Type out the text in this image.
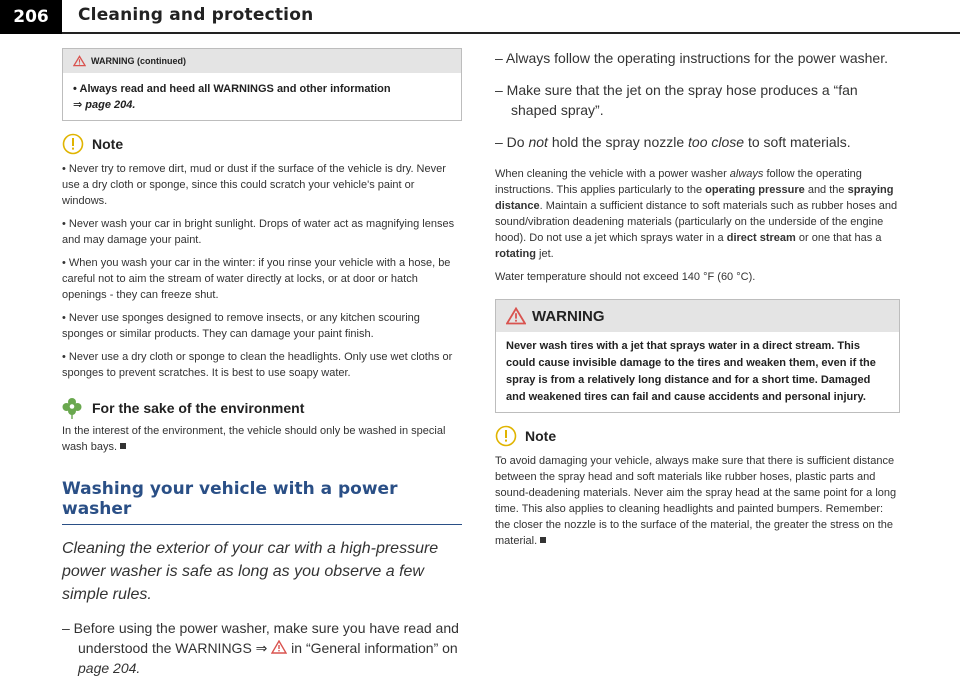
206	Cleaning and protection
WARNING (continued)
• Always read and heed all WARNINGS and other information
⇒ page 204.
Note

• Never try to remove dirt, mud or dust if the surface of the vehicle is dry. Never use a dry cloth or sponge, since this could scratch your vehicle's paint or windows.

• Never wash your car in bright sunlight. Drops of water act as magnifying lenses and may damage your paint.

• When you wash your car in the winter: if you rinse your vehicle with a hose, be careful not to aim the stream of water directly at locks, or at door or hatch openings - they can freeze shut.

• Never use sponges designed to remove insects, or any kitchen scouring sponges or similar products. They can damage your paint finish.

• Never use a dry cloth or sponge to clean the headlights. Only use wet cloths or sponges to prevent scratches. It is best to use soapy water.

For the sake of the environment

In the interest of the environment, the vehicle should only be washed in special wash bays.

Washing your vehicle with a power washer

Cleaning the exterior of your car with a high-pressure power washer is safe as long as you observe a few simple rules.

– Before using the power washer, make sure you have read and understood the WARNINGS ⇒  in “General information” on page 204.

– Always follow the operating instructions for the power washer.

– Make sure that the jet on the spray hose produces a “fan shaped spray”.

– Do not hold the spray nozzle too close to soft materials.

When cleaning the vehicle with a power washer always follow the operating instructions. This applies particularly to the operating pressure and the spraying distance. Maintain a sufficient distance to soft materials such as rubber hoses and sound/vibration deadening materials (particularly on the underside of the engine hood). Do not use a jet which sprays water in a direct stream or one that has a rotating jet.

Water temperature should not exceed 140 °F (60 °C).

WARNING
Never wash tires with a jet that sprays water in a direct stream. This could cause invisible damage to the tires and weaken them, even if the spray is from a relatively long distance and for a short time. Damaged and weakened tires can fail and cause accidents and personal injury.
Note

To avoid damaging your vehicle, always make sure that there is sufficient distance between the spray head and soft materials like rubber hoses, plastic parts and sound-deadening materials. Never aim the spray head at the same point for a long time. This also applies to cleaning headlights and painted bumpers. Remember: the closer the nozzle is to the surface of the material, the greater the stress on the material.
